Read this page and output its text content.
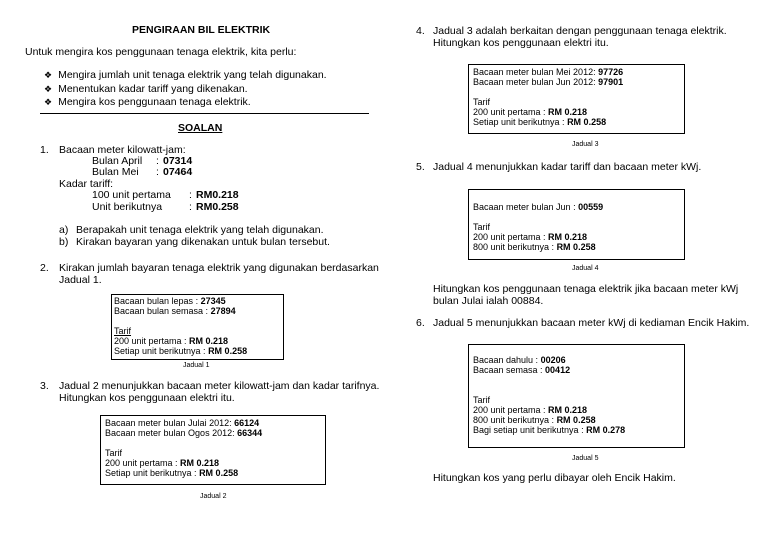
PENGIRAAN BIL ELEKTRIK
Untuk mengira kos penggunaan tenaga elektrik, kita perlu:
❖ Mengira jumlah unit tenaga elektrik yang telah digunakan.
❖ Menentukan kadar tariff yang dikenakan.
❖ Mengira kos penggunaan tenaga elektrik.
SOALAN
1. Bacaan meter kilowatt-jam:
Bulan April : 07314
Bulan Mei : 07464
Kadar tariff:
100 unit pertama : RM0.218
Unit berikutnya	: RM0.258
a) Berapakah unit tenaga elektrik yang telah digunakan.
b) Kirakan bayaran yang dikenakan untuk bulan tersebut.
2. Kirakan jumlah bayaran tenaga elektrik yang digunakan berdasarkan
Jadual 1.
Bacaan bulan lepas : 27345
Bacaan bulan semasa : 27894
Tarif
200 unit pertama : RM 0.218
Setiap unit berikutnya : RM 0.258
Jadual 1
3. Jadual 2 menunjukkan bacaan meter kilowatt-jam dan kadar tarifnya.
Hitungkan kos penggunaan elektri itu.
Bacaan meter bulan Julai 2012: 66124
Bacaan meter bulan Ogos 2012: 66344
Tarif
200 unit pertama : RM 0.218
Setiap unit berikutnya : RM 0.258
Jadual 2
4. Jadual 3 adalah berkaitan dengan penggunaan tenaga elektrik.
Hitungkan kos penggunaan elektri itu.
Bacaan meter bulan Mei 2012: 97726
Bacaan meter bulan Jun 2012: 97901
Tarif
200 unit pertama : RM 0.218
Setiap unit berikutnya : RM 0.258
Jadual 3
5. Jadual 4 menunjukkan kadar tariff dan bacaan meter kWj.
Bacaan meter bulan Jun : 00559
Tarif
200 unit pertama : RM 0.218
800 unit berikutnya : RM 0.258
Jadual 4
Hitungkan kos penggunaan tenaga elektrik jika bacaan meter kWj
bulan Julai ialah 00884.
6. Jadual 5 menunjukkan bacaan meter kWj di kediaman Encik Hakim.
Bacaan dahulu : 00206
Bacaan semasa : 00412
Tarif
200 unit pertama : RM 0.218
800 unit berikutnya : RM 0.258
Bagi setiap unit berikutnya : RM 0.278
Jadual 5
Hitungkan kos yang perlu dibayar oleh Encik Hakim.
